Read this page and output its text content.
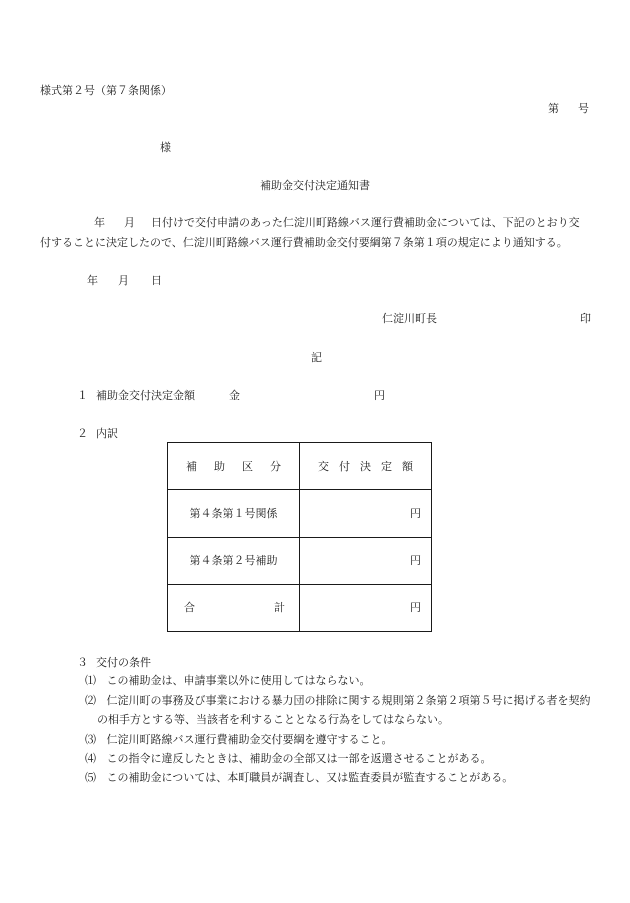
様式第２号（第７条関係）
第 号
様
補助金交付決定通知書
年 月 日付けで交付申請のあった仁淀川町路線バス運行費補助金については、下記のとおり交
付することに決定したので、仁淀川町路線バス運行費補助金交付要綱第７条第１項の規定により通知する。
年 月 日
仁淀川町長	印
記
１ 補助金交付決定金額	金	円
２ 内訳
補 助 区 分	交 付 決 定 額

第４条第１号関係	円
第４条第２号補助	円

合 計	円
３ 交付の条件
⑴ この補助金は、申請事業以外に使用してはならない。
⑵ 仁淀川町の事務及び事業における暴力団の排除に関する規則第２条第２項第５号に掲げる者を契約
の相手方とする等、当該者を利することとなる行為をしてはならない。
⑶ 仁淀川町路線バス運行費補助金交付要綱を遵守すること。
⑷ この指令に違反したときは、補助金の全部又は一部を返還させることがある。
⑸ この補助金については、本町職員が調査し、又は監査委員が監査することがある。
